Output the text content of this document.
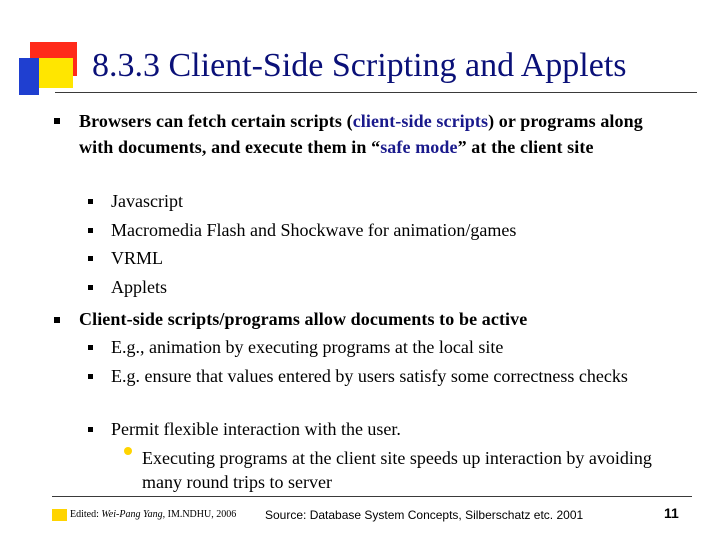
8.3.3 Client-Side Scripting and Applets
Browsers can fetch certain scripts (client-side scripts) or programs along with documents, and execute them in “safe mode” at the client site
Javascript
Macromedia Flash and Shockwave for animation/games
VRML
Applets
Client-side scripts/programs allow documents to be active
E.g., animation by executing programs at the local site
E.g. ensure that values entered by users satisfy some correctness checks
Permit flexible interaction with the user.
Executing programs at the client site speeds up interaction by avoiding many round trips to server
Edited: Wei-Pang Yang, IM.NDHU, 2006 Source: Database System Concepts, Silberschatz etc. 2001	11
